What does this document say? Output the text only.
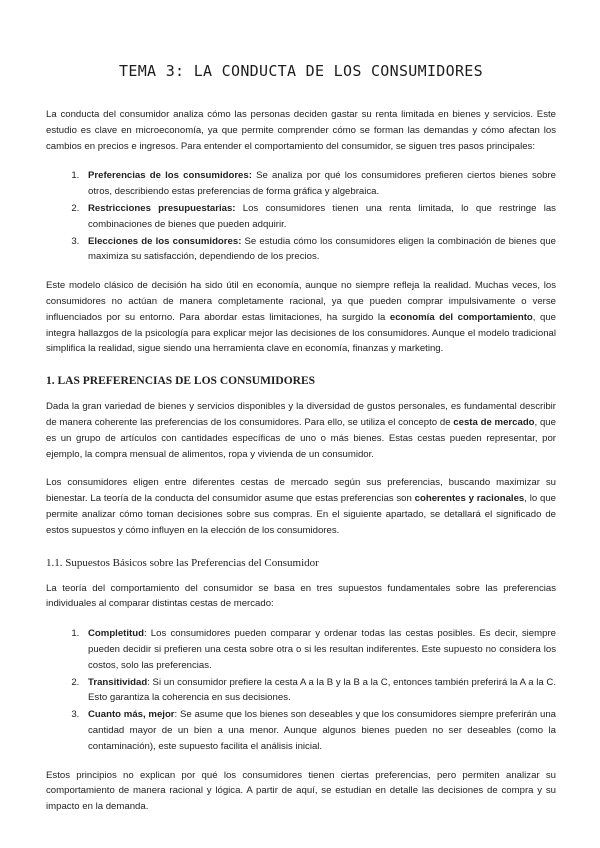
TEMA 3: LA CONDUCTA DE LOS CONSUMIDORES

La conducta del consumidor analiza cómo las personas deciden gastar su renta limitada en bienes y servicios. Este estudio es clave en microeconomía, ya que permite comprender cómo se forman las demandas y cómo afectan los cambios en precios e ingresos. Para entender el comportamiento del consumidor, se siguen tres pasos principales:

1. Preferencias de los consumidores: Se analiza por qué los consumidores prefieren ciertos bienes sobre otros, describiendo estas preferencias de forma gráfica y algebraica.
2. Restricciones presupuestarias: Los consumidores tienen una renta limitada, lo que restringe las combinaciones de bienes que pueden adquirir.
3. Elecciones de los consumidores: Se estudia cómo los consumidores eligen la combinación de bienes que maximiza su satisfacción, dependiendo de los precios.

Este modelo clásico de decisión ha sido útil en economía, aunque no siempre refleja la realidad. Muchas veces, los consumidores no actúan de manera completamente racional, ya que pueden comprar impulsivamente o verse influenciados por su entorno. Para abordar estas limitaciones, ha surgido la economía del comportamiento, que integra hallazgos de la psicología para explicar mejor las decisiones de los consumidores. Aunque el modelo tradicional simplifica la realidad, sigue siendo una herramienta clave en economía, finanzas y marketing.

1. LAS PREFERENCIAS DE LOS CONSUMIDORES

Dada la gran variedad de bienes y servicios disponibles y la diversidad de gustos personales, es fundamental describir de manera coherente las preferencias de los consumidores. Para ello, se utiliza el concepto de cesta de mercado, que es un grupo de artículos con cantidades específicas de uno o más bienes. Estas cestas pueden representar, por ejemplo, la compra mensual de alimentos, ropa y vivienda de un consumidor.

Los consumidores eligen entre diferentes cestas de mercado según sus preferencias, buscando maximizar su bienestar. La teoría de la conducta del consumidor asume que estas preferencias son coherentes y racionales, lo que permite analizar cómo toman decisiones sobre sus compras. En el siguiente apartado, se detallará el significado de estos supuestos y cómo influyen en la elección de los consumidores.

1.1. Supuestos Básicos sobre las Preferencias del Consumidor

La teoría del comportamiento del consumidor se basa en tres supuestos fundamentales sobre las preferencias individuales al comparar distintas cestas de mercado:

1. Completitud: Los consumidores pueden comparar y ordenar todas las cestas posibles. Es decir, siempre pueden decidir si prefieren una cesta sobre otra o si les resultan indiferentes. Este supuesto no considera los costos, solo las preferencias.
2. Transitividad: Si un consumidor prefiere la cesta A a la B y la B a la C, entonces también preferirá la A a la C. Esto garantiza la coherencia en sus decisiones.
3. Cuanto más, mejor: Se asume que los bienes son deseables y que los consumidores siempre preferirán una cantidad mayor de un bien a una menor. Aunque algunos bienes pueden no ser deseables (como la contaminación), este supuesto facilita el análisis inicial.

Estos principios no explican por qué los consumidores tienen ciertas preferencias, pero permiten analizar su comportamiento de manera racional y lógica. A partir de aquí, se estudian en detalle las decisiones de compra y su impacto en la demanda.
